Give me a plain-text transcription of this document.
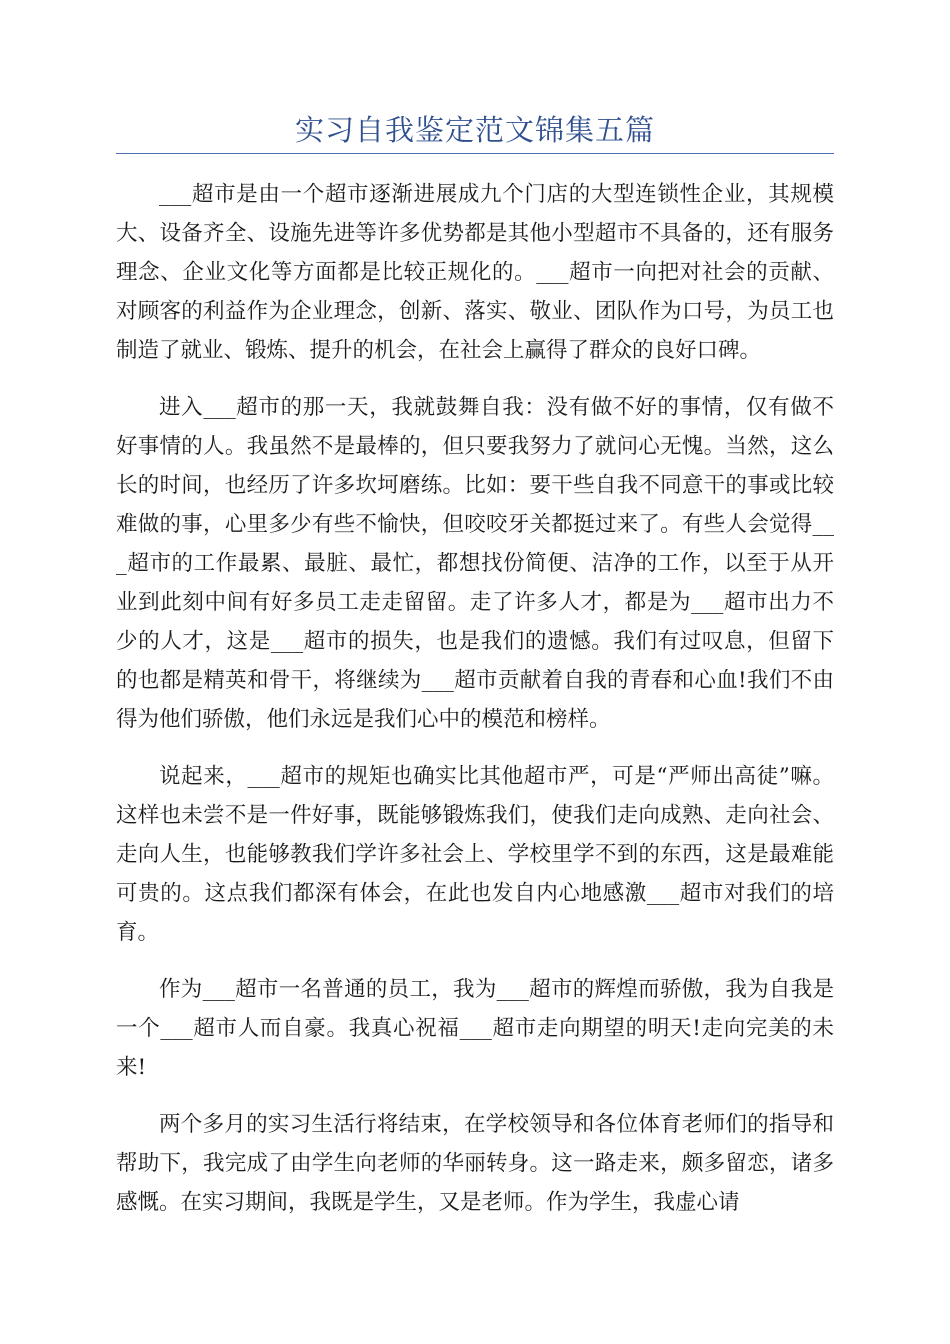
实习自我鉴定范文锦集五篇

___超市是由一个超市逐渐进展成九个门店的大型连锁性企业，其规模大、设备齐全、设施先进等许多优势都是其他小型超市不具备的，还有服务理念、企业文化等方面都是比较正规化的。___超市一向把对社会的贡献、对顾客的利益作为企业理念，创新、落实、敬业、团队作为口号，为员工也制造了就业、锻炼、提升的机会，在社会上赢得了群众的良好口碑。

进入___超市的那一天，我就鼓舞自我：没有做不好的事情，仅有做不好事情的人。我虽然不是最棒的，但只要我努力了就问心无愧。当然，这么长的时间，也经历了许多坎坷磨练。比如：要干些自我不同意干的事或比较难做的事，心里多少有些不愉快，但咬咬牙关都挺过来了。有些人会觉得___超市的工作最累、最脏、最忙，都想找份简便、洁净的工作，以至于从开业到此刻中间有好多员工走走留留。走了许多人才，都是为___超市出力不少的人才，这是___超市的损失，也是我们的遗憾。我们有过叹息，但留下的也都是精英和骨干，将继续为___超市贡献着自我的青春和心血!我们不由得为他们骄傲，他们永远是我们心中的模范和榜样。

说起来，___超市的规矩也确实比其他超市严，可是“严师出高徒”嘛。这样也未尝不是一件好事，既能够锻炼我们，使我们走向成熟、走向社会、走向人生，也能够教我们学许多社会上、学校里学不到的东西，这是最难能可贵的。这点我们都深有体会，在此也发自内心地感激___超市对我们的培育。

作为___超市一名普通的员工，我为___超市的辉煌而骄傲，我为自我是一个___超市人而自豪。我真心祝福___超市走向期望的明天!走向完美的未来!

两个多月的实习生活行将结束，在学校领导和各位体育老师们的指导和帮助下，我完成了由学生向老师的华丽转身。这一路走来，颇多留恋，诸多感慨。在实习期间，我既是学生，又是老师。作为学生，我虚心请
